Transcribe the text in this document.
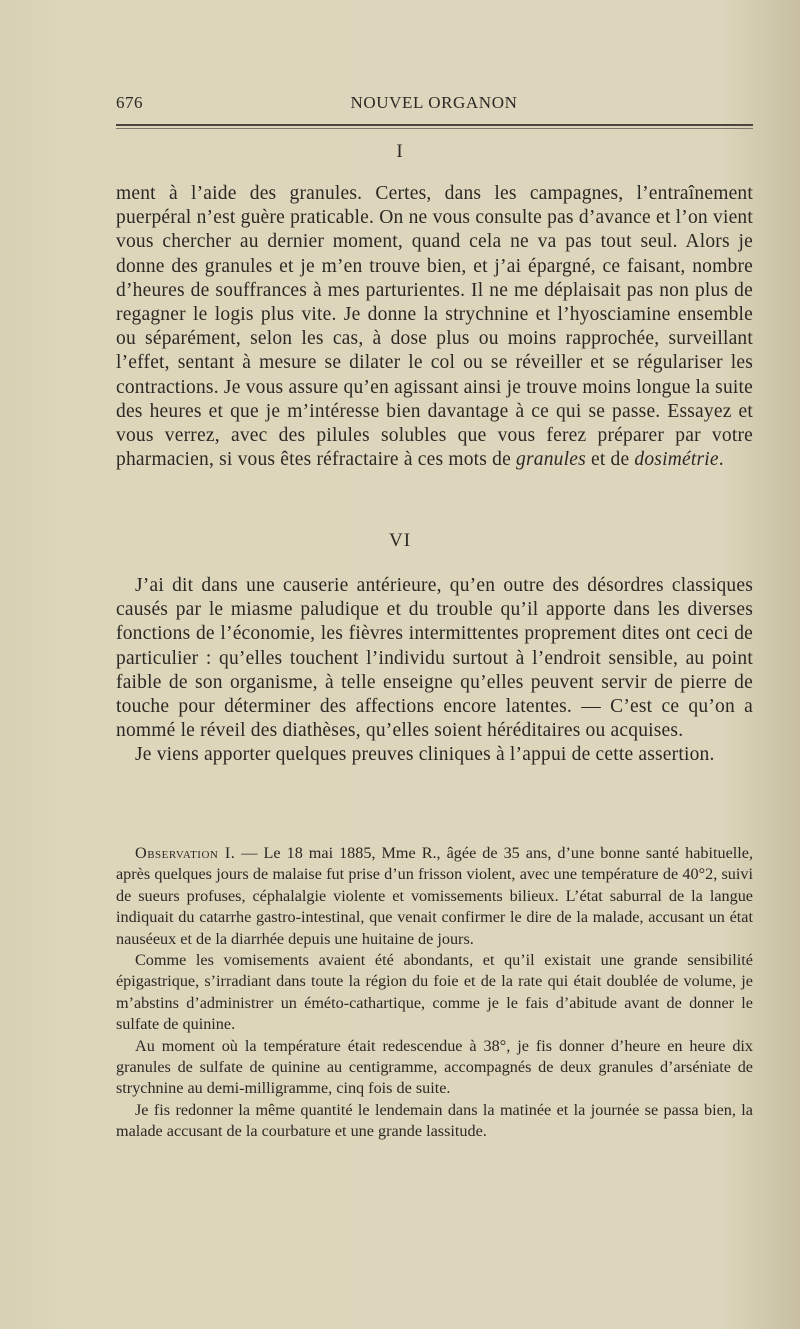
676	NOUVEL ORGANON
I

ment à l’aide des granules. Certes, dans les campagnes, l’entraînement puerpéral n’est guère praticable. On ne vous consulte pas d’avance et l’on vient vous chercher au dernier moment, quand cela ne va pas tout seul. Alors je donne des granules et je m’en trouve bien, et j’ai épargné, ce faisant, nombre d’heures de souffrances à mes parturientes. Il ne me déplaisait pas non plus de regagner le logis plus vite. Je donne la strychnine et l’hyosciamine ensemble ou séparément, selon les cas, à dose plus ou moins rapprochée, surveillant l’effet, sentant à mesure se dilater le col ou se réveiller et se régulariser les contractions. Je vous assure qu’en agissant ainsi je trouve moins longue la suite des heures et que je m’intéresse bien davantage à ce qui se passe. Essayez et vous verrez, avec des pilules solubles que vous ferez préparer par votre pharmacien, si vous êtes réfractaire à ces mots de granules et de dosimétrie.

VI

J’ai dit dans une causerie antérieure, qu’en outre des désordres classiques causés par le miasme paludique et du trouble qu’il apporte dans les diverses fonctions de l’économie, les fièvres intermittentes proprement dites ont ceci de particulier : qu’elles touchent l’individu surtout à l’endroit sensible, au point faible de son organisme, à telle enseigne qu’elles peuvent servir de pierre de touche pour déterminer des affections encore latentes. — C’est ce qu’on a nommé le réveil des diathèses, qu’elles soient héréditaires ou acquises.

Je viens apporter quelques preuves cliniques à l’appui de cette assertion.

Observation I. — Le 18 mai 1885, Mme R., âgée de 35 ans, d’une bonne santé habituelle, après quelques jours de malaise fut prise d’un frisson violent, avec une température de 40°2, suivi de sueurs profuses, céphalalgie violente et vomissements bilieux. L’état saburral de la langue indiquait du catarrhe gastro-intestinal, que venait confirmer le dire de la malade, accusant un état nauséeux et de la diarrhée depuis une huitaine de jours.

Comme les vomisements avaient été abondants, et qu’il existait une grande sensibilité épigastrique, s’irradiant dans toute la région du foie et de la rate qui était doublée de volume, je m’abstins d’administrer un éméto-cathartique, comme je le fais d’abitude avant de donner le sulfate de quinine.

Au moment où la température était redescendue à 38°, je fis donner d’heure en heure dix granules de sulfate de quinine au centigramme, accompagnés de deux granules d’arséniate de strychnine au demi-milligramme, cinq fois de suite.

Je fis redonner la même quantité le lendemain dans la matinée et la journée se passa bien, la malade accusant de la courbature et une grande lassitude.
